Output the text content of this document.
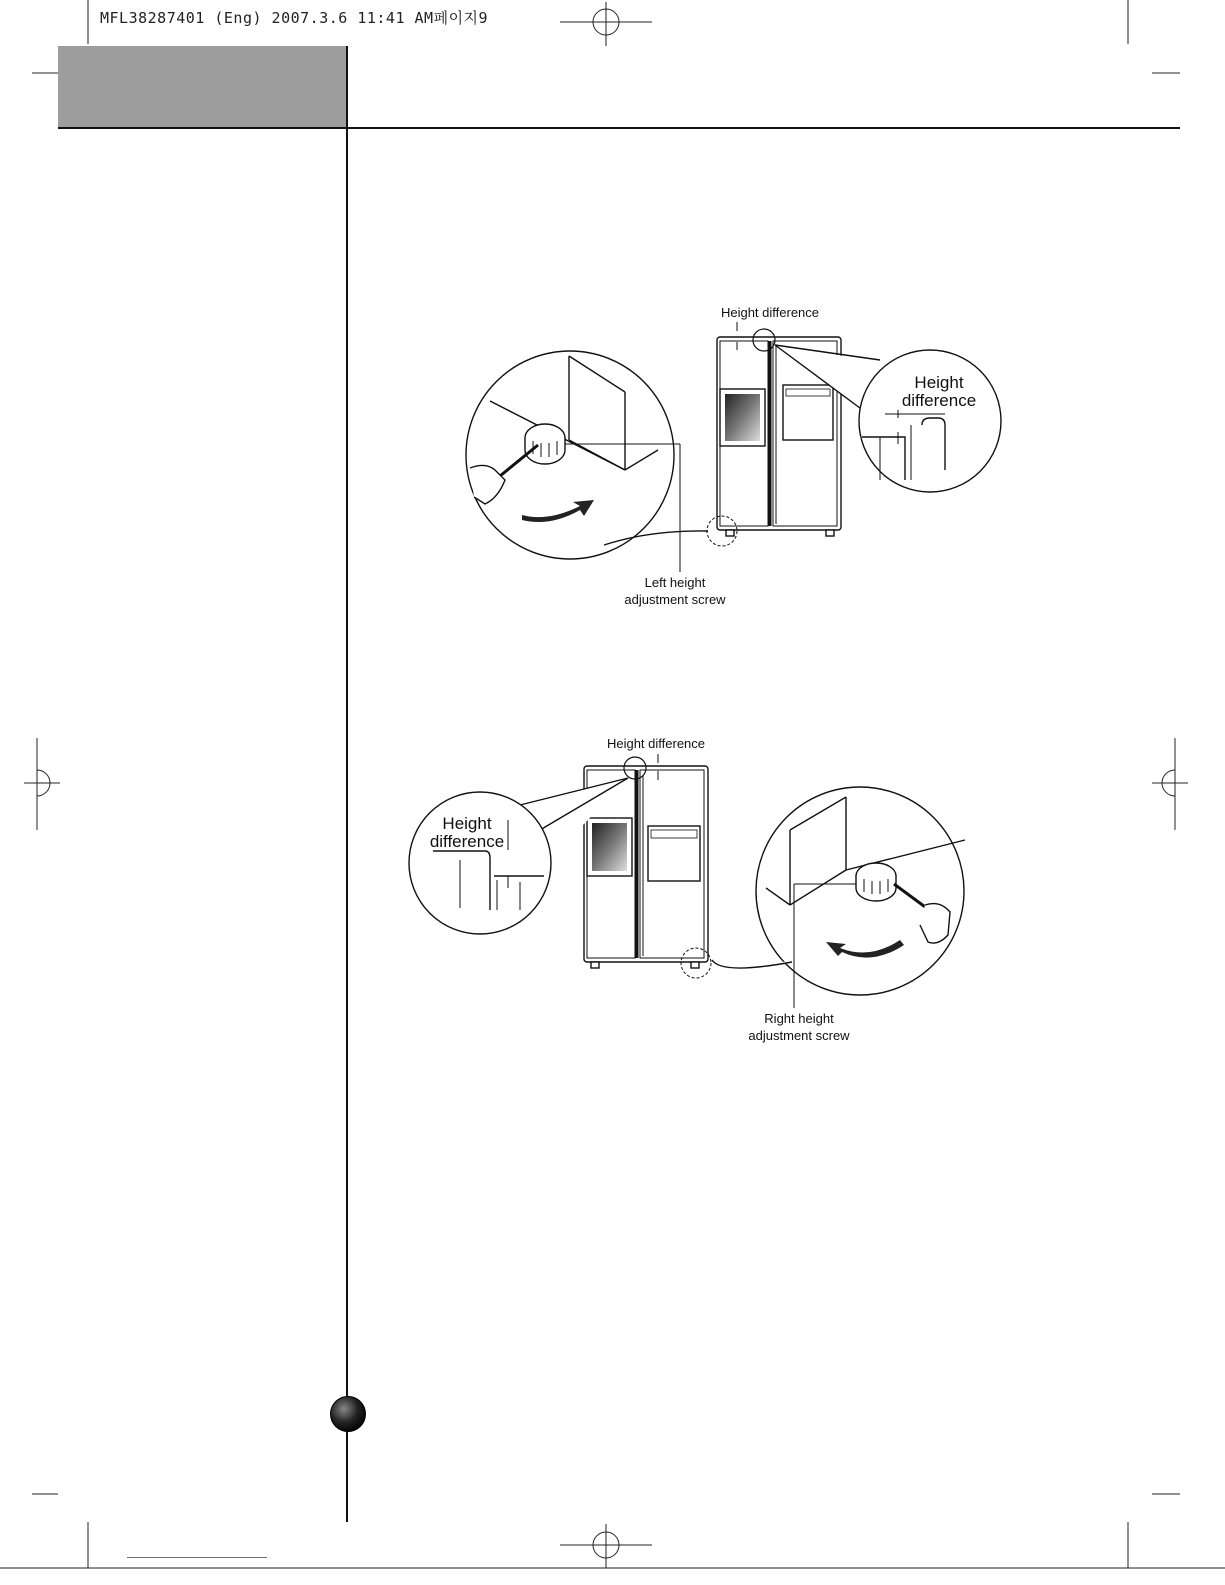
MFL38287401 (Eng) 2007.3.6 11:41 AM페이지9
Height difference
Height difference
Left height
adjustment screw
Height difference
Height difference
Right height
adjustment screw
